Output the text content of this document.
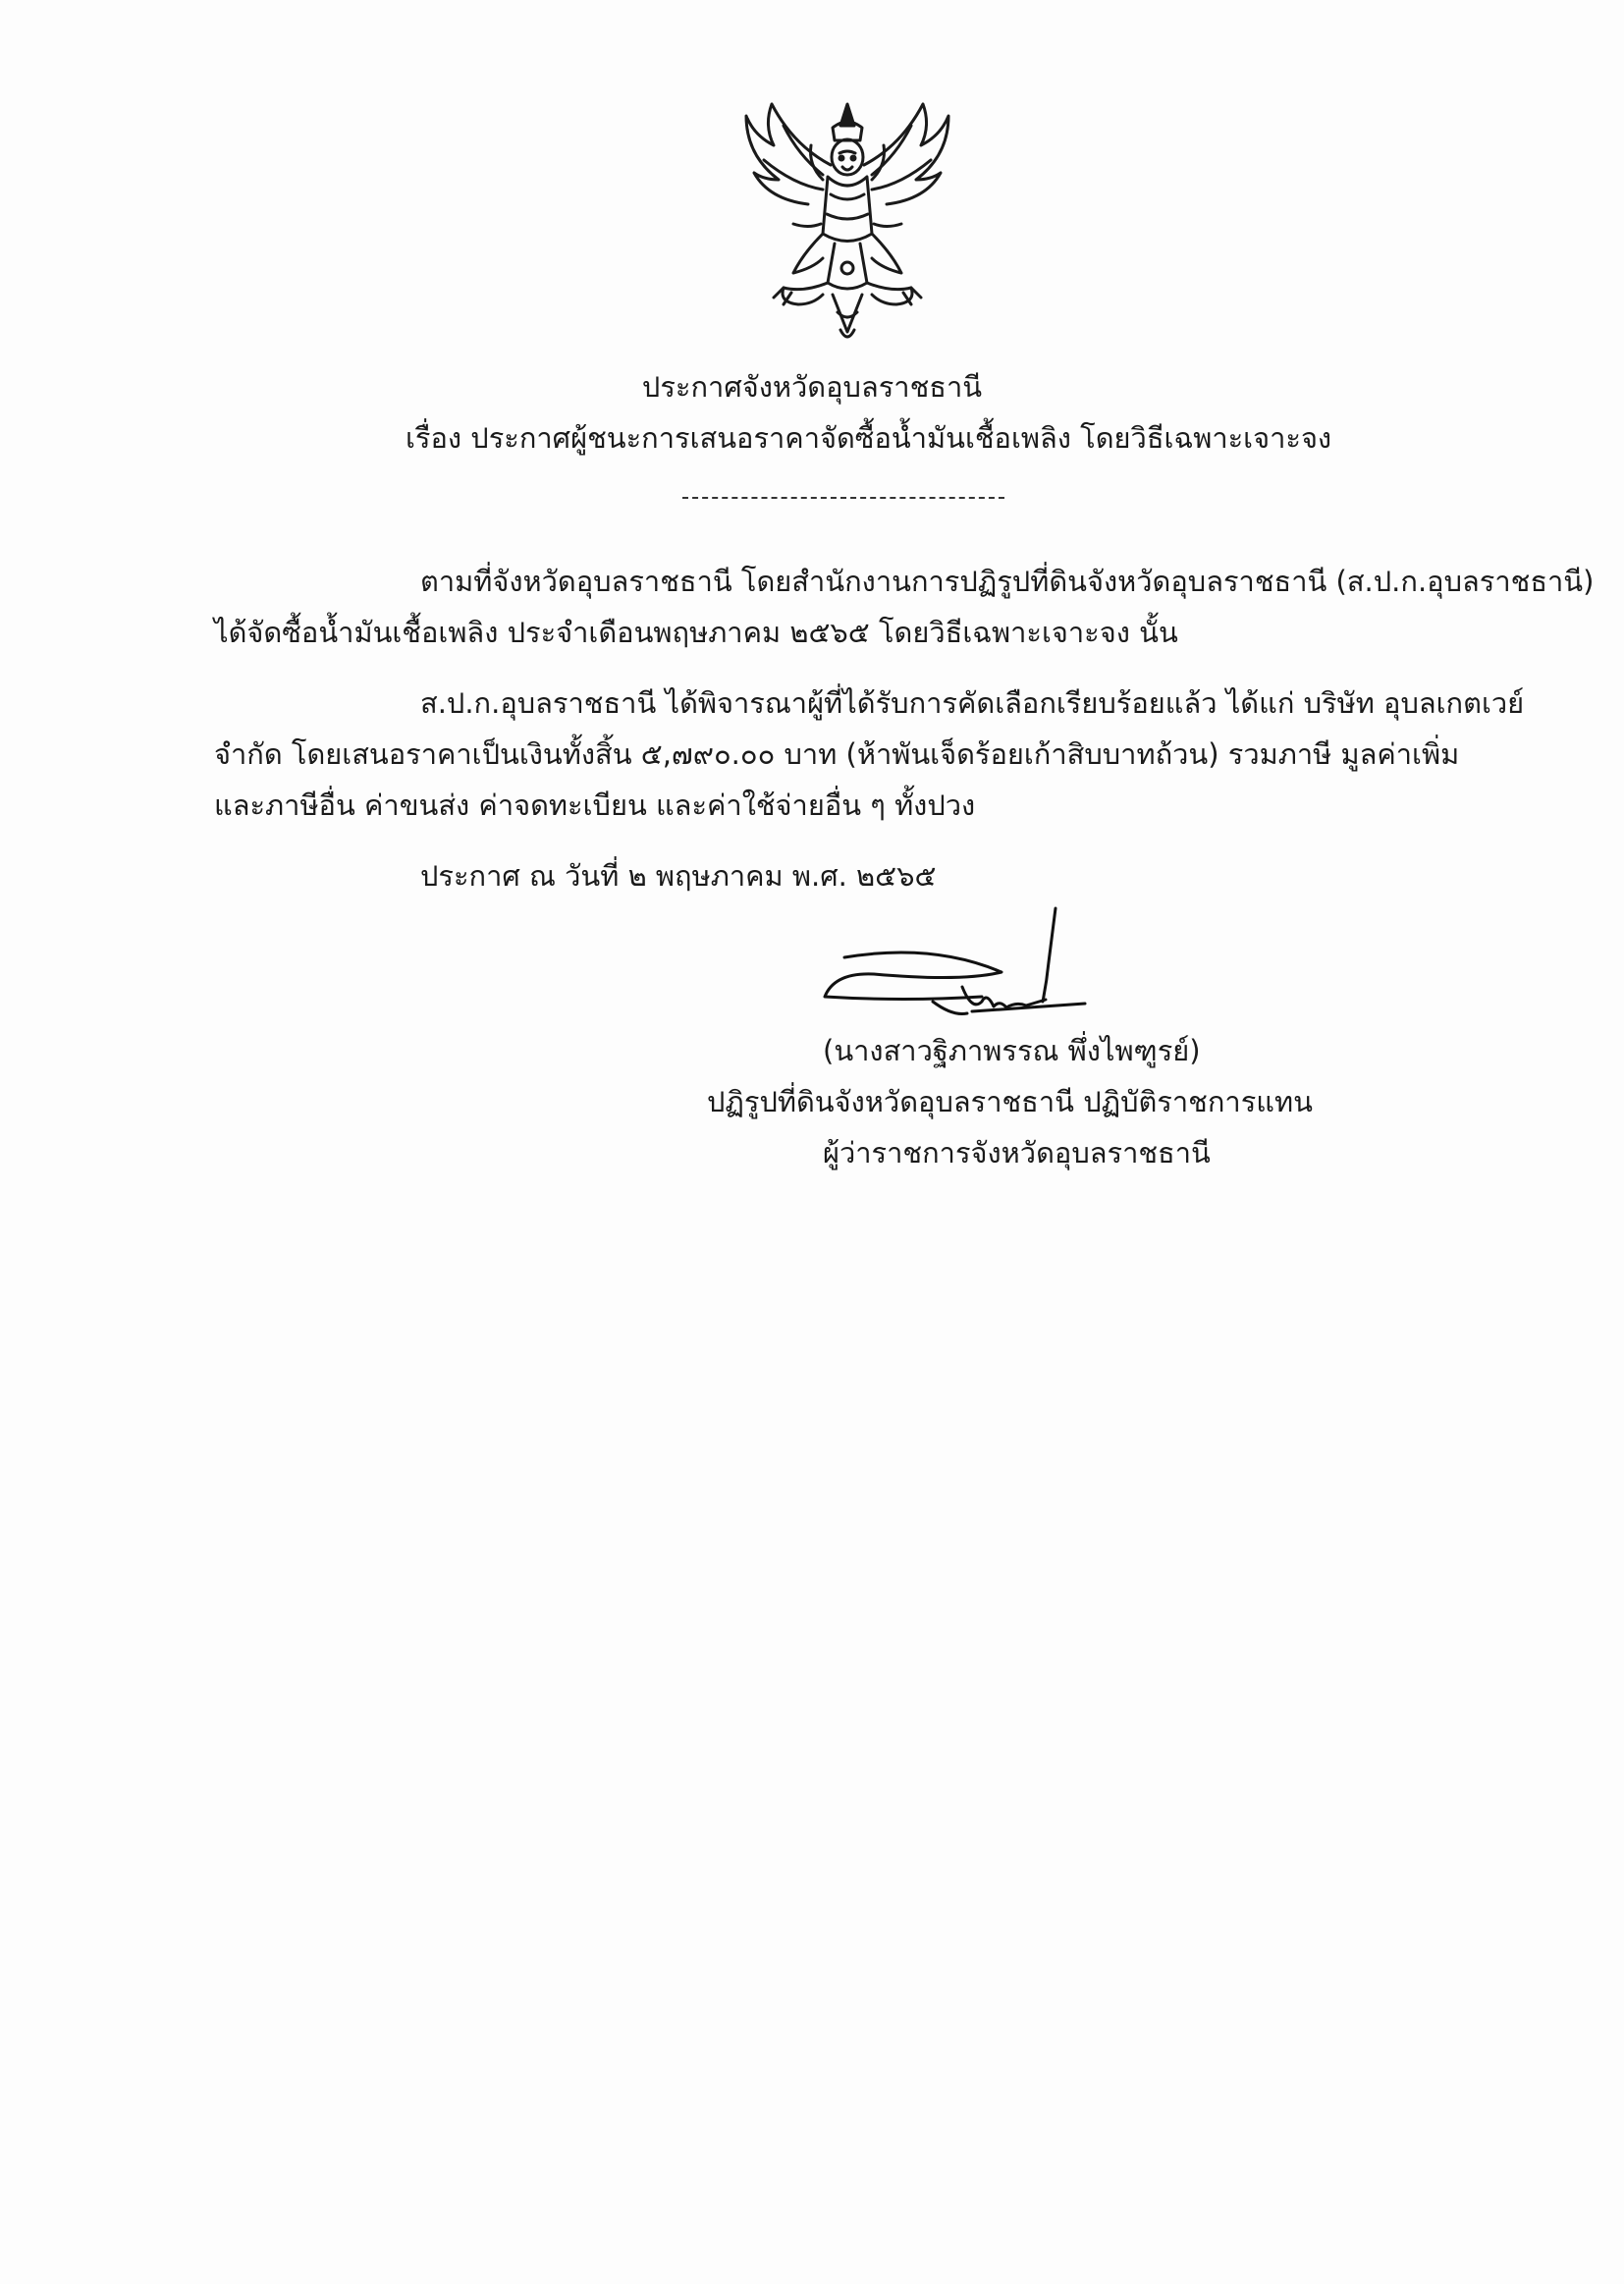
ประกาศจังหวัดอุบลราชธานี
เรื่อง ประกาศผู้ชนะการเสนอราคาจัดซื้อน้ำมันเชื้อเพลิง โดยวิธีเฉพาะเจาะจง
ตามที่จังหวัดอุบลราชธานี โดยสำนักงานการปฏิรูปที่ดินจังหวัดอุบลราชธานี (ส.ป.ก.อุบลราชธานี)
ได้จัดซื้อน้ำมันเชื้อเพลิง ประจำเดือนพฤษภาคม ๒๕๖๕ โดยวิธีเฉพาะเจาะจง นั้น
ส.ป.ก.อุบลราชธานี ได้พิจารณาผู้ที่ได้รับการคัดเลือกเรียบร้อยแล้ว ได้แก่ บริษัท อุบลเกตเวย์
จำกัด โดยเสนอราคาเป็นเงินทั้งสิ้น ๕,๗๙๐.๐๐ บาท (ห้าพันเจ็ดร้อยเก้าสิบบาทถ้วน) รวมภาษี มูลค่าเพิ่ม
และภาษีอื่น ค่าขนส่ง ค่าจดทะเบียน และค่าใช้จ่ายอื่น ๆ ทั้งปวง
ประกาศ ณ วันที่ ๒ พฤษภาคม พ.ศ. ๒๕๖๕
(นางสาวฐิภาพรรณ พึ่งไพฑูรย์)
ปฏิรูปที่ดินจังหวัดอุบลราชธานี ปฏิบัติราชการแทน
ผู้ว่าราชการจังหวัดอุบลราชธานี
